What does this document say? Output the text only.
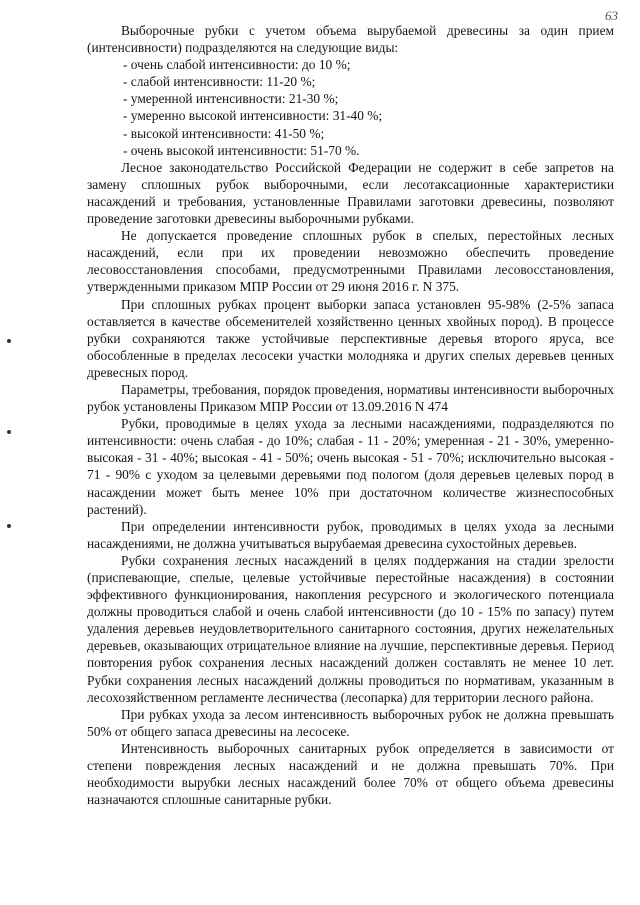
63

Выборочные рубки с учетом объема вырубаемой древесины за один прием (интенсивности) подразделяются на следующие виды:

- очень слабой интенсивности: до 10 %;

- слабой интенсивности: 11-20 %;

- умеренной интенсивности: 21-30 %;

- умеренно высокой интенсивности: 31-40 %;

- высокой интенсивности: 41-50 %;

- очень высокой интенсивности: 51-70 %.

Лесное законодательство Российской Федерации не содержит в себе запретов на замену сплошных рубок выборочными, если лесотаксационные характеристики насаждений и требования, установленные Правилами заготовки древесины, позволяют проведение заготовки древесины выборочными рубками.

Не допускается проведение сплошных рубок в спелых, перестойных лесных насаждений, если при их проведении невозможно обеспечить проведение лесовосстановления способами, предусмотренными Правилами лесовосстановления, утвержденными приказом МПР России от 29 июня 2016 г. N 375.

При сплошных рубках процент выборки запаса установлен 95-98% (2-5% запаса оставляется в качестве обсеменителей хозяйственно ценных хвойных пород). В процессе рубки сохраняются также устойчивые перспективные деревья второго яруса, все обособленные в пределах лесосеки участки молодняка и других спелых деревьев ценных древесных пород.

Параметры, требования, порядок проведения, нормативы интенсивности выборочных рубок установлены Приказом МПР России от 13.09.2016 N 474

Рубки, проводимые в целях ухода за лесными насаждениями, подразделяются по интенсивности: очень слабая - до 10%; слабая - 11 - 20%; умеренная - 21 - 30%, умеренно-высокая - 31 - 40%; высокая - 41 - 50%; очень высокая - 51 - 70%; исключительно высокая - 71 - 90% с уходом за целевыми деревьями под пологом (доля деревьев целевых пород в насаждении может быть менее 10% при достаточном количестве жизнеспособных растений).

При определении интенсивности рубок, проводимых в целях ухода за лесными насаждениями, не должна учитываться вырубаемая древесина сухостойных деревьев.

Рубки сохранения лесных насаждений в целях поддержания на стадии зрелости (приспевающие, спелые, целевые устойчивые перестойные насаждения) в состоянии эффективного функционирования, накопления ресурсного и экологического потенциала должны проводиться слабой и очень слабой интенсивности (до 10 - 15% по запасу) путем удаления деревьев неудовлетворительного санитарного состояния, других нежелательных деревьев, оказывающих отрицательное влияние на лучшие, перспективные деревья. Период повторения рубок сохранения лесных насаждений должен составлять не менее 10 лет. Рубки сохранения лесных насаждений должны проводиться по нормативам, указанным в лесохозяйственном регламенте лесничества (лесопарка) для территории лесного района.

При рубках ухода за лесом интенсивность выборочных рубок не должна превышать 50% от общего запаса древесины на лесосеке.

Интенсивность выборочных санитарных рубок определяется в зависимости от степени повреждения лесных насаждений и не должна превышать 70%. При необходимости вырубки лесных насаждений более 70% от общего объема древесины назначаются сплошные санитарные рубки.
